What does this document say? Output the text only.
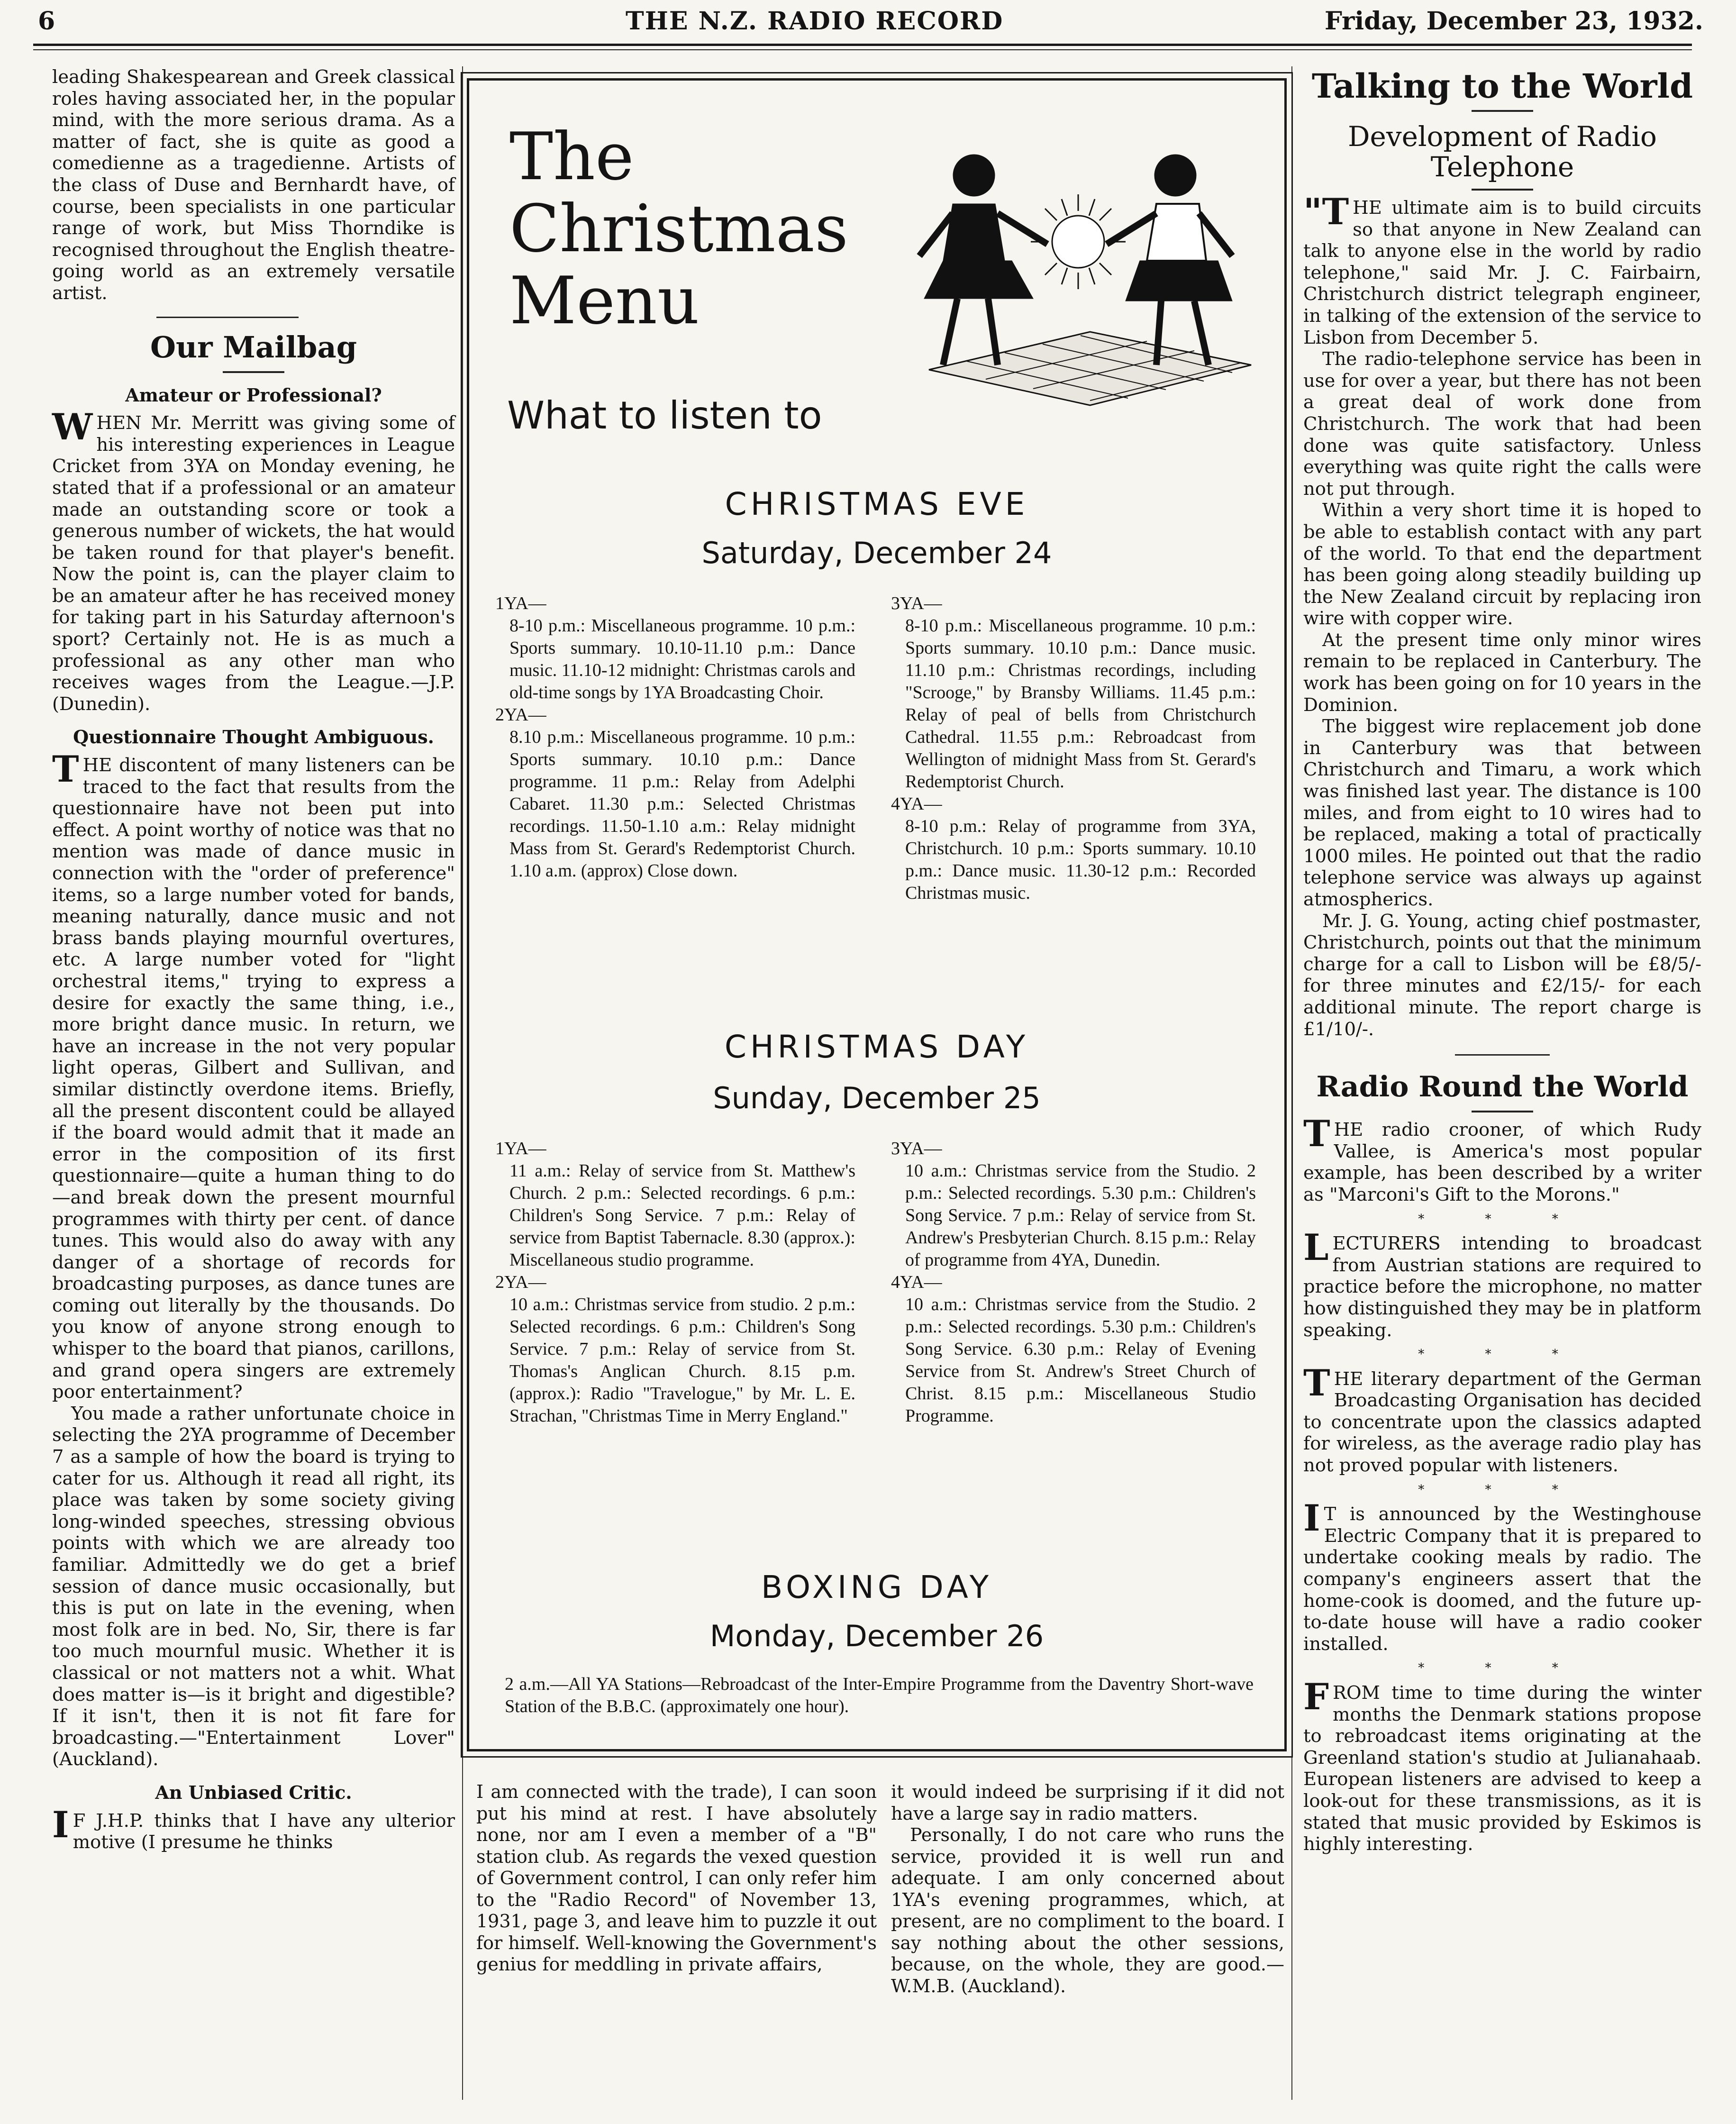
6	THE N.Z. RADIO RECORD	Friday, December 23, 1932.

leading Shakespearean and Greek classical roles having associated her, in the popular mind, with the more serious drama. As a matter of fact, she is quite as good a comedienne as a tragedienne. Artists of the class of Duse and Bernhardt have, of course, been specialists in one particular range of work, but Miss Thorndike is recognised throughout the English theatre-going world as an extremely versatile artist.

Our Mailbag
Amateur or Professional?

WHEN Mr. Merritt was giving some of his interesting experiences in League Cricket from 3YA on Monday evening, he stated that if a professional or an amateur made an outstanding score or took a generous number of wickets, the hat would be taken round for that player's benefit. Now the point is, can the player claim to be an amateur after he has received money for taking part in his Saturday afternoon's sport? Certainly not. He is as much a professional as any other man who receives wages from the League.—J.P. (Dunedin).

Questionnaire Thought Ambiguous.

THE discontent of many listeners can be traced to the fact that results from the questionnaire have not been put into effect. A point worthy of notice was that no mention was made of dance music in connection with the "order of preference" items, so a large number voted for bands, meaning naturally, dance music and not brass bands playing mournful overtures, etc. A large number voted for "light orchestral items," trying to express a desire for exactly the same thing, i.e., more bright dance music. In return, we have an increase in the not very popular light operas, Gilbert and Sullivan, and similar distinctly overdone items. Briefly, all the present discontent could be allayed if the board would admit that it made an error in the composition of its first questionnaire—quite a human thing to do—and break down the present mournful programmes with thirty per cent. of dance tunes. This would also do away with any danger of a shortage of records for broadcasting purposes, as dance tunes are coming out literally by the thousands. Do you know of anyone strong enough to whisper to the board that pianos, carillons, and grand opera singers are extremely poor entertainment?

You made a rather unfortunate choice in selecting the 2YA programme of December 7 as a sample of how the board is trying to cater for us. Although it read all right, its place was taken by some society giving long-winded speeches, stressing obvious points with which we are already too familiar. Admittedly we do get a brief session of dance music occasionally, but this is put on late in the evening, when most folk are in bed. No, Sir, there is far too much mournful music. Whether it is classical or not matters not a whit. What does matter is—is it bright and digestible? If it isn't, then it is not fit fare for broadcasting.—"Entertainment Lover" (Auckland).

An Unbiased Critic.

I F J.H.P. thinks that I have any ulterior motive (I presume he thinks

The
Christmas
Menu
What to listen to
CHRISTMAS EVE
Saturday, December 24

1YA—

8-10 p.m.: Miscellaneous programme. 10 p.m.: Sports summary. 10.10-11.10 p.m.: Dance music. 11.10-12 midnight: Christmas carols and old-time songs by 1YA Broadcasting Choir.

2YA—

8.10 p.m.: Miscellaneous programme. 10 p.m.: Sports summary. 10.10 p.m.: Dance programme. 11 p.m.: Relay from Adelphi Cabaret. 11.30 p.m.: Selected Christmas recordings. 11.50-1.10 a.m.: Relay midnight Mass from St. Gerard's Redemptorist Church. 1.10 a.m. (approx) Close down.

3YA—

8-10 p.m.: Miscellaneous programme. 10 p.m.: Sports summary. 10.10 p.m.: Dance music. 11.10 p.m.: Christmas recordings, including "Scrooge," by Bransby Williams. 11.45 p.m.: Relay of peal of bells from Christchurch Cathedral. 11.55 p.m.: Rebroadcast from Wellington of midnight Mass from St. Gerard's Redemptorist Church.

4YA—

8-10 p.m.: Relay of programme from 3YA, Christchurch. 10 p.m.: Sports summary. 10.10 p.m.: Dance music. 11.30-12 p.m.: Recorded Christmas music.

CHRISTMAS DAY
Sunday, December 25

1YA—

11 a.m.: Relay of service from St. Matthew's Church. 2 p.m.: Selected recordings. 6 p.m.: Children's Song Service. 7 p.m.: Relay of service from Baptist Tabernacle. 8.30 (approx.): Miscellaneous studio programme.

2YA—

10 a.m.: Christmas service from studio. 2 p.m.: Selected recordings. 6 p.m.: Children's Song Service. 7 p.m.: Relay of service from St. Thomas's Anglican Church. 8.15 p.m. (approx.): Radio "Travelogue," by Mr. L. E. Strachan, "Christmas Time in Merry England."

3YA—

10 a.m.: Christmas service from the Studio. 2 p.m.: Selected recordings. 5.30 p.m.: Children's Song Service. 7 p.m.: Relay of service from St. Andrew's Presbyterian Church. 8.15 p.m.: Relay of programme from 4YA, Dunedin.

4YA—

10 a.m.: Christmas service from the Studio. 2 p.m.: Selected recordings. 5.30 p.m.: Children's Song Service. 6.30 p.m.: Relay of Evening Service from St. Andrew's Street Church of Christ. 8.15 p.m.: Miscellaneous Studio Programme.

BOXING DAY
Monday, December 26
2 a.m.—All YA Stations—Rebroadcast of the Inter-Empire Programme from the Daventry Short-wave Station of the B.B.C. (approximately one hour).

I am connected with the trade), I can soon put his mind at rest. I have absolutely none, nor am I even a member of a "B" station club. As regards the vexed question of Government control, I can only refer him to the "Radio Record" of November 13, 1931, page 3, and leave him to puzzle it out for himself. Well-knowing the Government's genius for meddling in private affairs,

it would indeed be surprising if it did not have a large say in radio matters.

Personally, I do not care who runs the service, provided it is well run and adequate. I am only concerned about 1YA's evening programmes, which, at present, are no compliment to the board. I say nothing about the other sessions, because, on the whole, they are good.—W.M.B. (Auckland).

Talking to the World
Development of Radio Telephone

"THE ultimate aim is to build circuits so that anyone in New Zealand can talk to anyone else in the world by radio telephone," said Mr. J. C. Fairbairn, Christchurch district telegraph engineer, in talking of the extension of the service to Lisbon from December 5.

The radio-telephone service has been in use for over a year, but there has not been a great deal of work done from Christchurch. The work that had been done was quite satisfactory. Unless everything was quite right the calls were not put through.

Within a very short time it is hoped to be able to establish contact with any part of the world. To that end the department has been going along steadily building up the New Zealand circuit by replacing iron wire with copper wire.

At the present time only minor wires remain to be replaced in Canterbury. The work has been going on for 10 years in the Dominion.

The biggest wire replacement job done in Canterbury was that between Christchurch and Timaru, a work which was finished last year. The distance is 100 miles, and from eight to 10 wires had to be replaced, making a total of practically 1000 miles. He pointed out that the radio telephone service was always up against atmospherics.

Mr. J. G. Young, acting chief postmaster, Christchurch, points out that the minimum charge for a call to Lisbon will be £8/5/- for three minutes and £2/15/- for each additional minute. The report charge is £1/10/-.

Radio Round the World

THE radio crooner, of which Rudy Vallee, is America's most popular example, has been described by a writer as "Marconi's Gift to the Morons."

* * *

LECTURERS intending to broadcast from Austrian stations are required to practice before the microphone, no matter how distinguished they may be in platform speaking.

* * *

THE literary department of the German Broadcasting Organisation has decided to concentrate upon the classics adapted for wireless, as the average radio play has not proved popular with listeners.

* * *

I T is announced by the Westinghouse Electric Company that it is prepared to undertake cooking meals by radio. The company's engineers assert that the home-cook is doomed, and the future up-to-date house will have a radio cooker installed.

* * *

FROM time to time during the winter months the Denmark stations propose to rebroadcast items originating at the Greenland station's studio at Julianahaab. European listeners are advised to keep a look-out for these transmissions, as it is stated that music provided by Eskimos is highly interesting.
